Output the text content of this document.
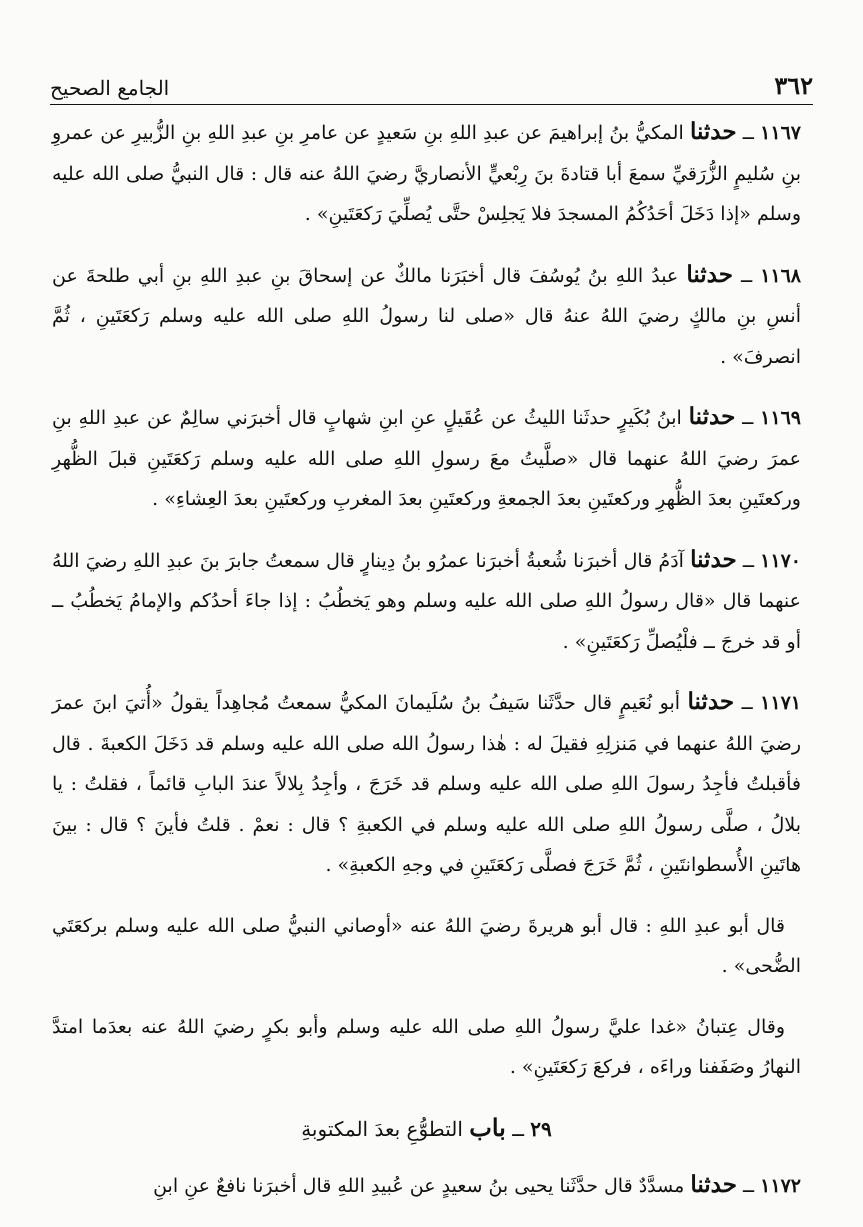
٣٦٢
الجامع الصحيح

١١٦٧ ــ حدثنا المكيُّ بنُ إبراهيمَ عن عبدِ اللهِ بنِ سَعيدٍ عن عامرِ بنِ عبدِ اللهِ بنِ الزُّبيرِ عن عمروِ بنِ سُليمٍ الزُّرَقيِّ سمعَ أبا قتادةَ بنَ رِبْعيٍّ الأنصاريَّ رضيَ اللهُ عنه قال : قال النبيُّ صلى الله عليه وسلم «إذا دَخَلَ أحَدُكُمُ المسجدَ فلا يَجلِسْ حتَّى يُصلِّيَ رَكعَتَينِ» .

١١٦٨ ــ حدثنا عبدُ اللهِ بنُ يُوسُفَ قال أخبَرَنا مالكٌ عن إسحاقَ بنِ عبدِ اللهِ بنِ أبي طلحةَ عن أنسِ بنِ مالكٍ رضيَ اللهُ عنهُ قال «صلى لنا رسولُ اللهِ صلى الله عليه وسلم رَكعَتَينِ ، ثُمَّ انصرفَ» .

١١٦٩ ــ حدثنا ابنُ بُكَيرٍ حدثَنا الليثُ عن عُقَيلٍ عنِ ابنِ شهابٍ قال أخبرَني سالِمٌ عن عبدِ اللهِ بنِ عمرَ رضيَ اللهُ عنهما قال «صلَّيتُ معَ رسولِ اللهِ صلى الله عليه وسلم رَكعَتَينِ قبلَ الظُّهرِ وركعتَينِ بعدَ الظُّهرِ وركعتَينِ بعدَ الجمعةِ وركعتَينِ بعدَ المغربِ وركعتَينِ بعدَ العِشاءِ» .

١١٧٠ ــ حدثنا آدَمُ قال أخبرَنا شُعبةُ أخبرَنا عمرُو بنُ دِينارٍ قال سمعتُ جابرَ بنَ عبدِ اللهِ رضيَ اللهُ عنهما قال «قال رسولُ اللهِ صلى الله عليه وسلم وهو يَخطُبُ : إذا جاءَ أحدُكم والإمامُ يَخطُبُ ــ أو قد خرجَ ــ فلْيُصلِّ رَكعَتَينِ» .

١١٧١ ــ حدثنا أبو نُعَيمٍ قال حدَّثَنا سَيفُ بنُ سُلَيمانَ المكيُّ سمعتُ مُجاهِداً يقولُ «أُتيَ ابنَ عمرَ رضيَ اللهُ عنهما في مَنزلِهِ فقيلَ له : هٰذا رسولُ الله صلى الله عليه وسلم قد دَخَلَ الكعبةَ . قال فأقبلتُ فأجِدُ رسولَ اللهِ صلى الله عليه وسلم قد خَرَجَ ، وأجِدُ بِلالاً عندَ البابِ قائماً ، فقلتُ : يا بلالُ ، صلَّى رسولُ اللهِ صلى الله عليه وسلم في الكعبةِ ؟ قال : نعمْ . قلتُ فأينَ ؟ قال : بينَ هاتَينِ الأُسطوانتَينِ ، ثُمَّ خَرَجَ فصلَّى رَكعَتَينِ في وجهِ الكعبةِ» .

قال أبو عبدِ اللهِ : قال أبو هريرةَ رضيَ اللهُ عنه «أوصاني النبيُّ صلى الله عليه وسلم بركعَتَي الضُّحى» .

وقال عِتبانُ «غدا عليَّ رسولُ اللهِ صلى الله عليه وسلم وأبو بكرٍ رضيَ اللهُ عنه بعدَما امتدَّ النهارُ وصَفَفنا وراءَه ، فركعَ رَكعَتَينِ» .

٢٩ ــ باب التطوُّعِ بعدَ المكتوبةِ

١١٧٢ ــ حدثنا مسدَّدٌ قال حدَّثَنا يحيى بنُ سعيدٍ عن عُبيدِ اللهِ قال أخبرَنا نافعٌ عنِ ابنِ
